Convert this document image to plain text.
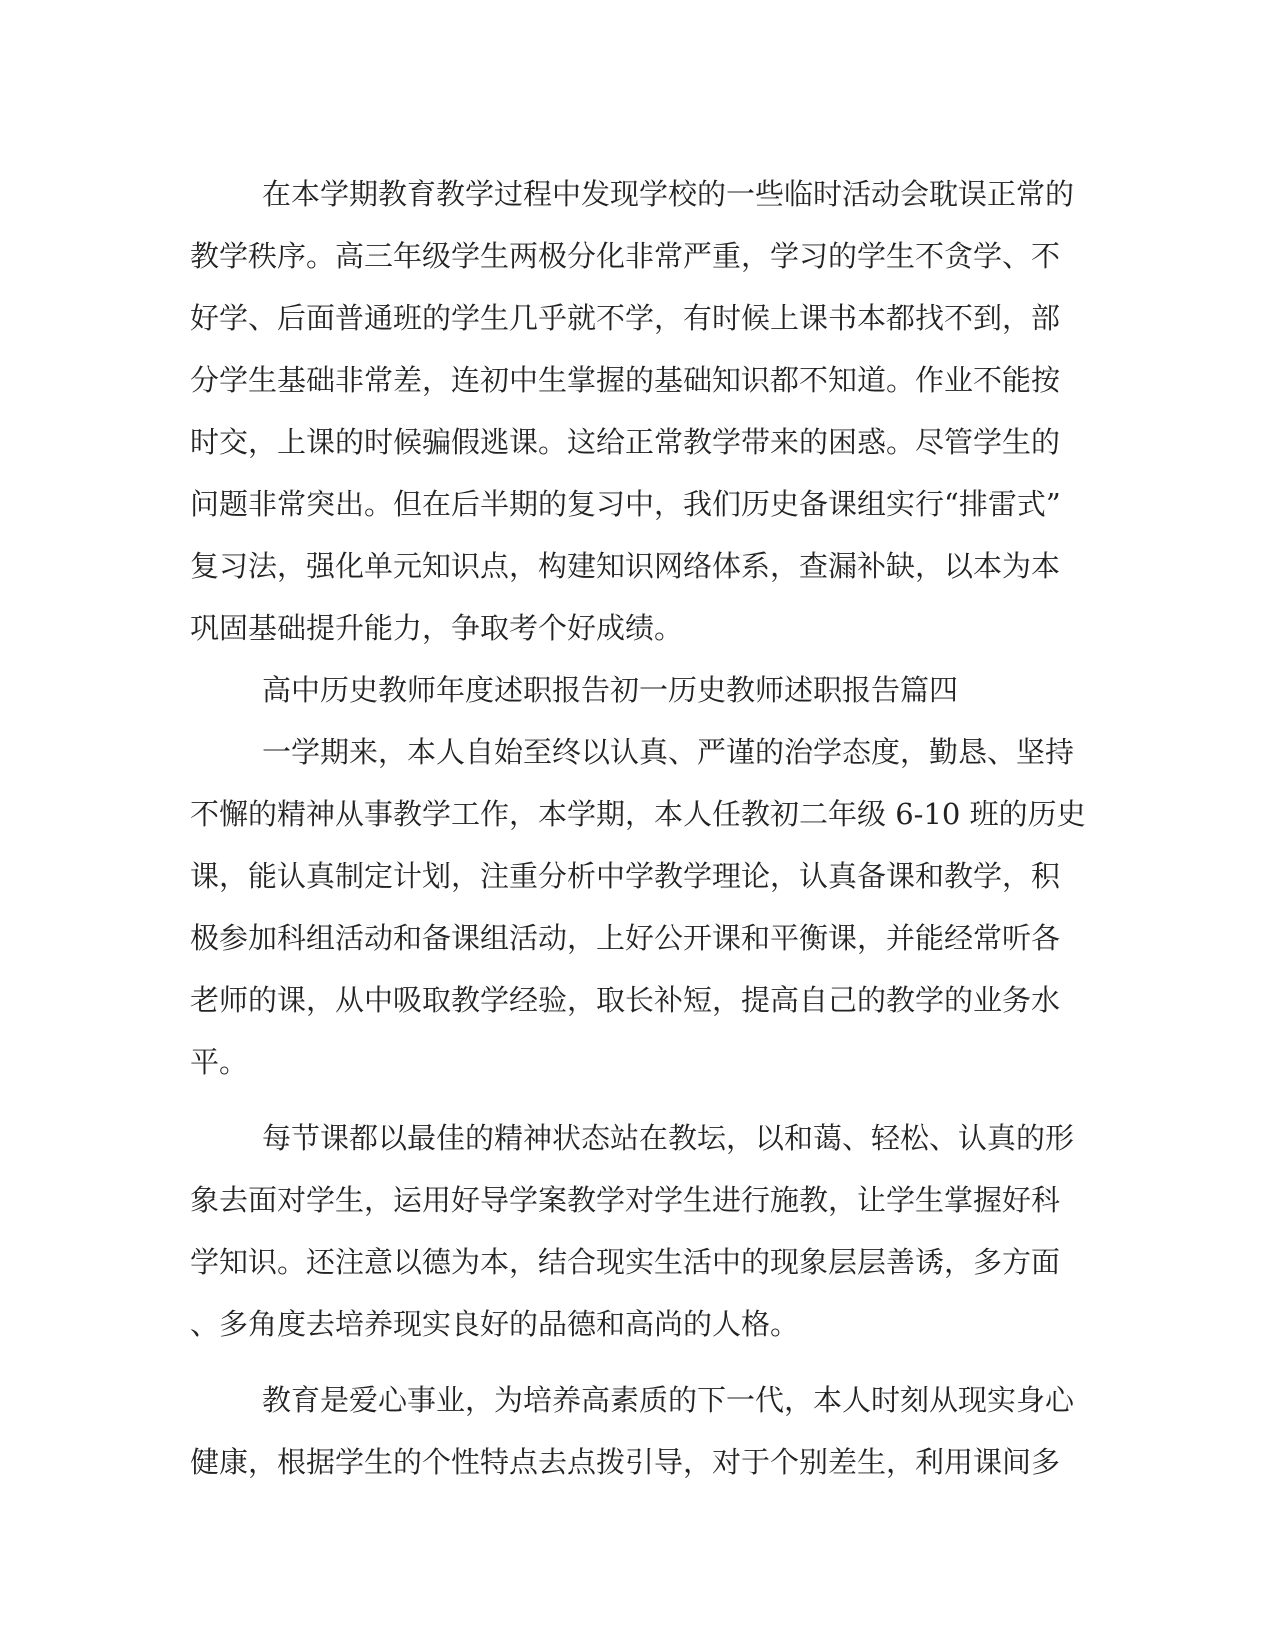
在本学期教育教学过程中发现学校的一些临时活动会耽误正常的
教学秩序。高三年级学生两极分化非常严重，学习的学生不贪学、不
好学、后面普通班的学生几乎就不学，有时候上课书本都找不到，部
分学生基础非常差，连初中生掌握的基础知识都不知道。作业不能按
时交，上课的时候骗假逃课。这给正常教学带来的困惑。尽管学生的
问题非常突出。但在后半期的复习中，我们历史备课组实行“排雷式”
复习法，强化单元知识点，构建知识网络体系，查漏补缺，以本为本
巩固基础提升能力，争取考个好成绩。
高中历史教师年度述职报告初一历史教师述职报告篇四
一学期来，本人自始至终以认真、严谨的治学态度，勤恳、坚持
不懈的精神从事教学工作，本学期，本人任教初二年级 6-10 班的历史
课，能认真制定计划，注重分析中学教学理论，认真备课和教学，积
极参加科组活动和备课组活动，上好公开课和平衡课，并能经常听各
老师的课，从中吸取教学经验，取长补短，提高自己的教学的业务水
平。
每节课都以最佳的精神状态站在教坛，以和蔼、轻松、认真的形
象去面对学生，运用好导学案教学对学生进行施教，让学生掌握好科
学知识。还注意以德为本，结合现实生活中的现象层层善诱，多方面
、多角度去培养现实良好的品德和高尚的人格。
教育是爱心事业，为培养高素质的下一代，本人时刻从现实身心
健康，根据学生的个性特点去点拨引导，对于个别差生，利用课间多
